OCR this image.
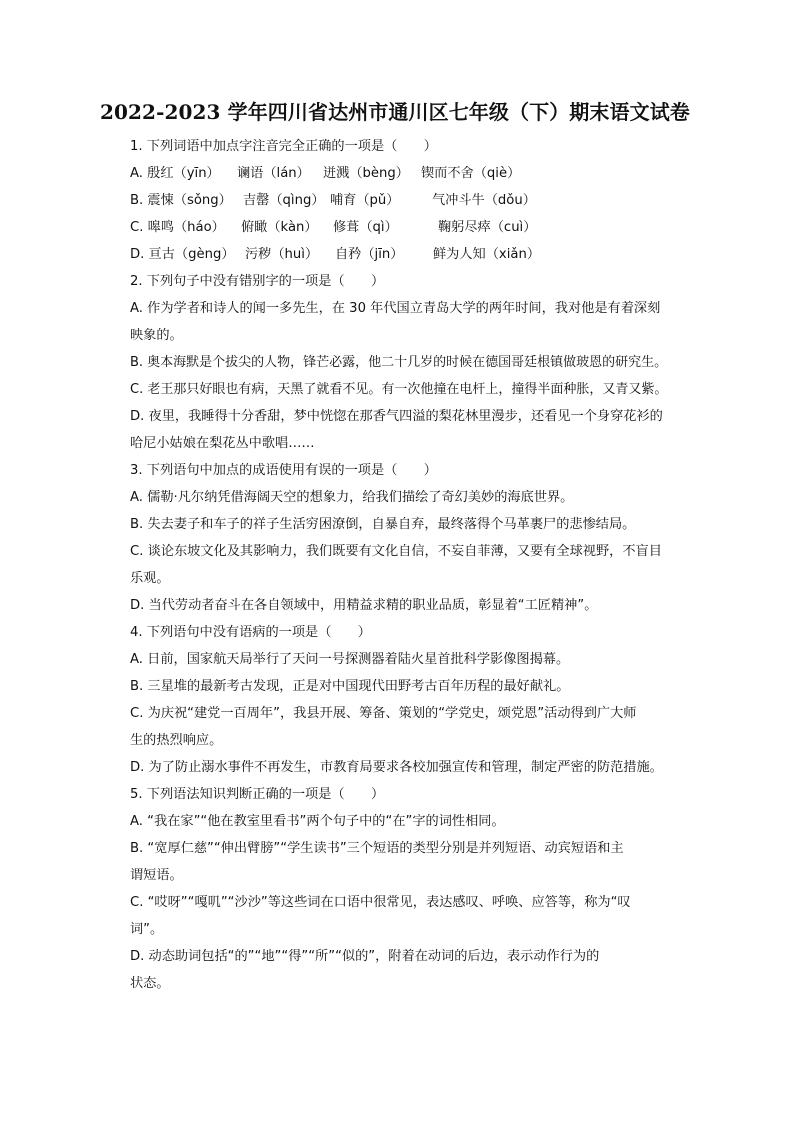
2022-2023 学年四川省达州市通川区七年级（下）期末语文试卷
1. 下列词语中加点字注音完全正确的一项是（　　）
A. 殷红（yīn） 谰语（lán） 迸溅（bèng） 锲而不舍（qiè）
B. 震悚（sǒng） 吉罄（qìng） 哺育（pǔ） 气冲斗牛（dǒu）
C. 嗥鸣（háo） 俯瞰（kàn） 修葺（qì）	鞠躬尽瘁（cuì）
D. 亘古（gèng） 污秽（huì） 自矜（jīn） 鲜为人知（xiǎn）
2. 下列句子中没有错别字的一项是（　　）
A. 作为学者和诗人的闻一多先生，在 30 年代国立青岛大学的两年时间，我对他是有着深刻
映象的。
B. 奥本海默是个拔尖的人物，锋芒必露，他二十几岁的时候在德国哥廷根镇做玻恩的研究生。
C. 老王那只好眼也有病，天黑了就看不见。有一次他撞在电杆上，撞得半面种胀，又青又紫。
D. 夜里，我睡得十分香甜，梦中恍惚在那香气四溢的梨花林里漫步，还看见一个身穿花衫的
哈尼小姑娘在梨花丛中歌唱……
3. 下列语句中加点的成语使用有误的一项是（　　）
A. 儒勒·凡尔纳凭借海阔天空的想象力，给我们描绘了奇幻美妙的海底世界。
B. 失去妻子和车子的祥子生活穷困潦倒，自暴自弃，最终落得个马革裹尸的悲惨结局。
C. 谈论东坡文化及其影响力，我们既要有文化自信，不妄自菲薄，又要有全球视野，不盲目
乐观。
D. 当代劳动者奋斗在各自领域中，用精益求精的职业品质，彰显着“工匠精神”。
4. 下列语句中没有语病的一项是（　　）
A. 日前，国家航天局举行了天问一号探测器着陆火星首批科学影像图揭幕。
B. 三星堆的最新考古发现，正是对中国现代田野考古百年历程的最好献礼。
C. 为庆祝“建党一百周年”，我县开展、筹备、策划的“学党史，颂党恩”活动得到广大师
生的热烈响应。
D. 为了防止溺水事件不再发生，市教育局要求各校加强宣传和管理，制定严密的防范措施。
5. 下列语法知识判断正确的一项是（　　）
A. “我在家”“他在教室里看书”两个句子中的“在”字的词性相同。
B. “宽厚仁慈”“伸出臂膀”“学生读书”三个短语的类型分别是并列短语、动宾短语和主
谓短语。
C. “哎呀”“嘎叽”“沙沙”等这些词在口语中很常见，表达感叹、呼唤、应答等，称为“叹
词”。
D. 动态助词包括“的”“地”“得”“所”“似的”，附着在动词的后边，表示动作行为的
状态。
